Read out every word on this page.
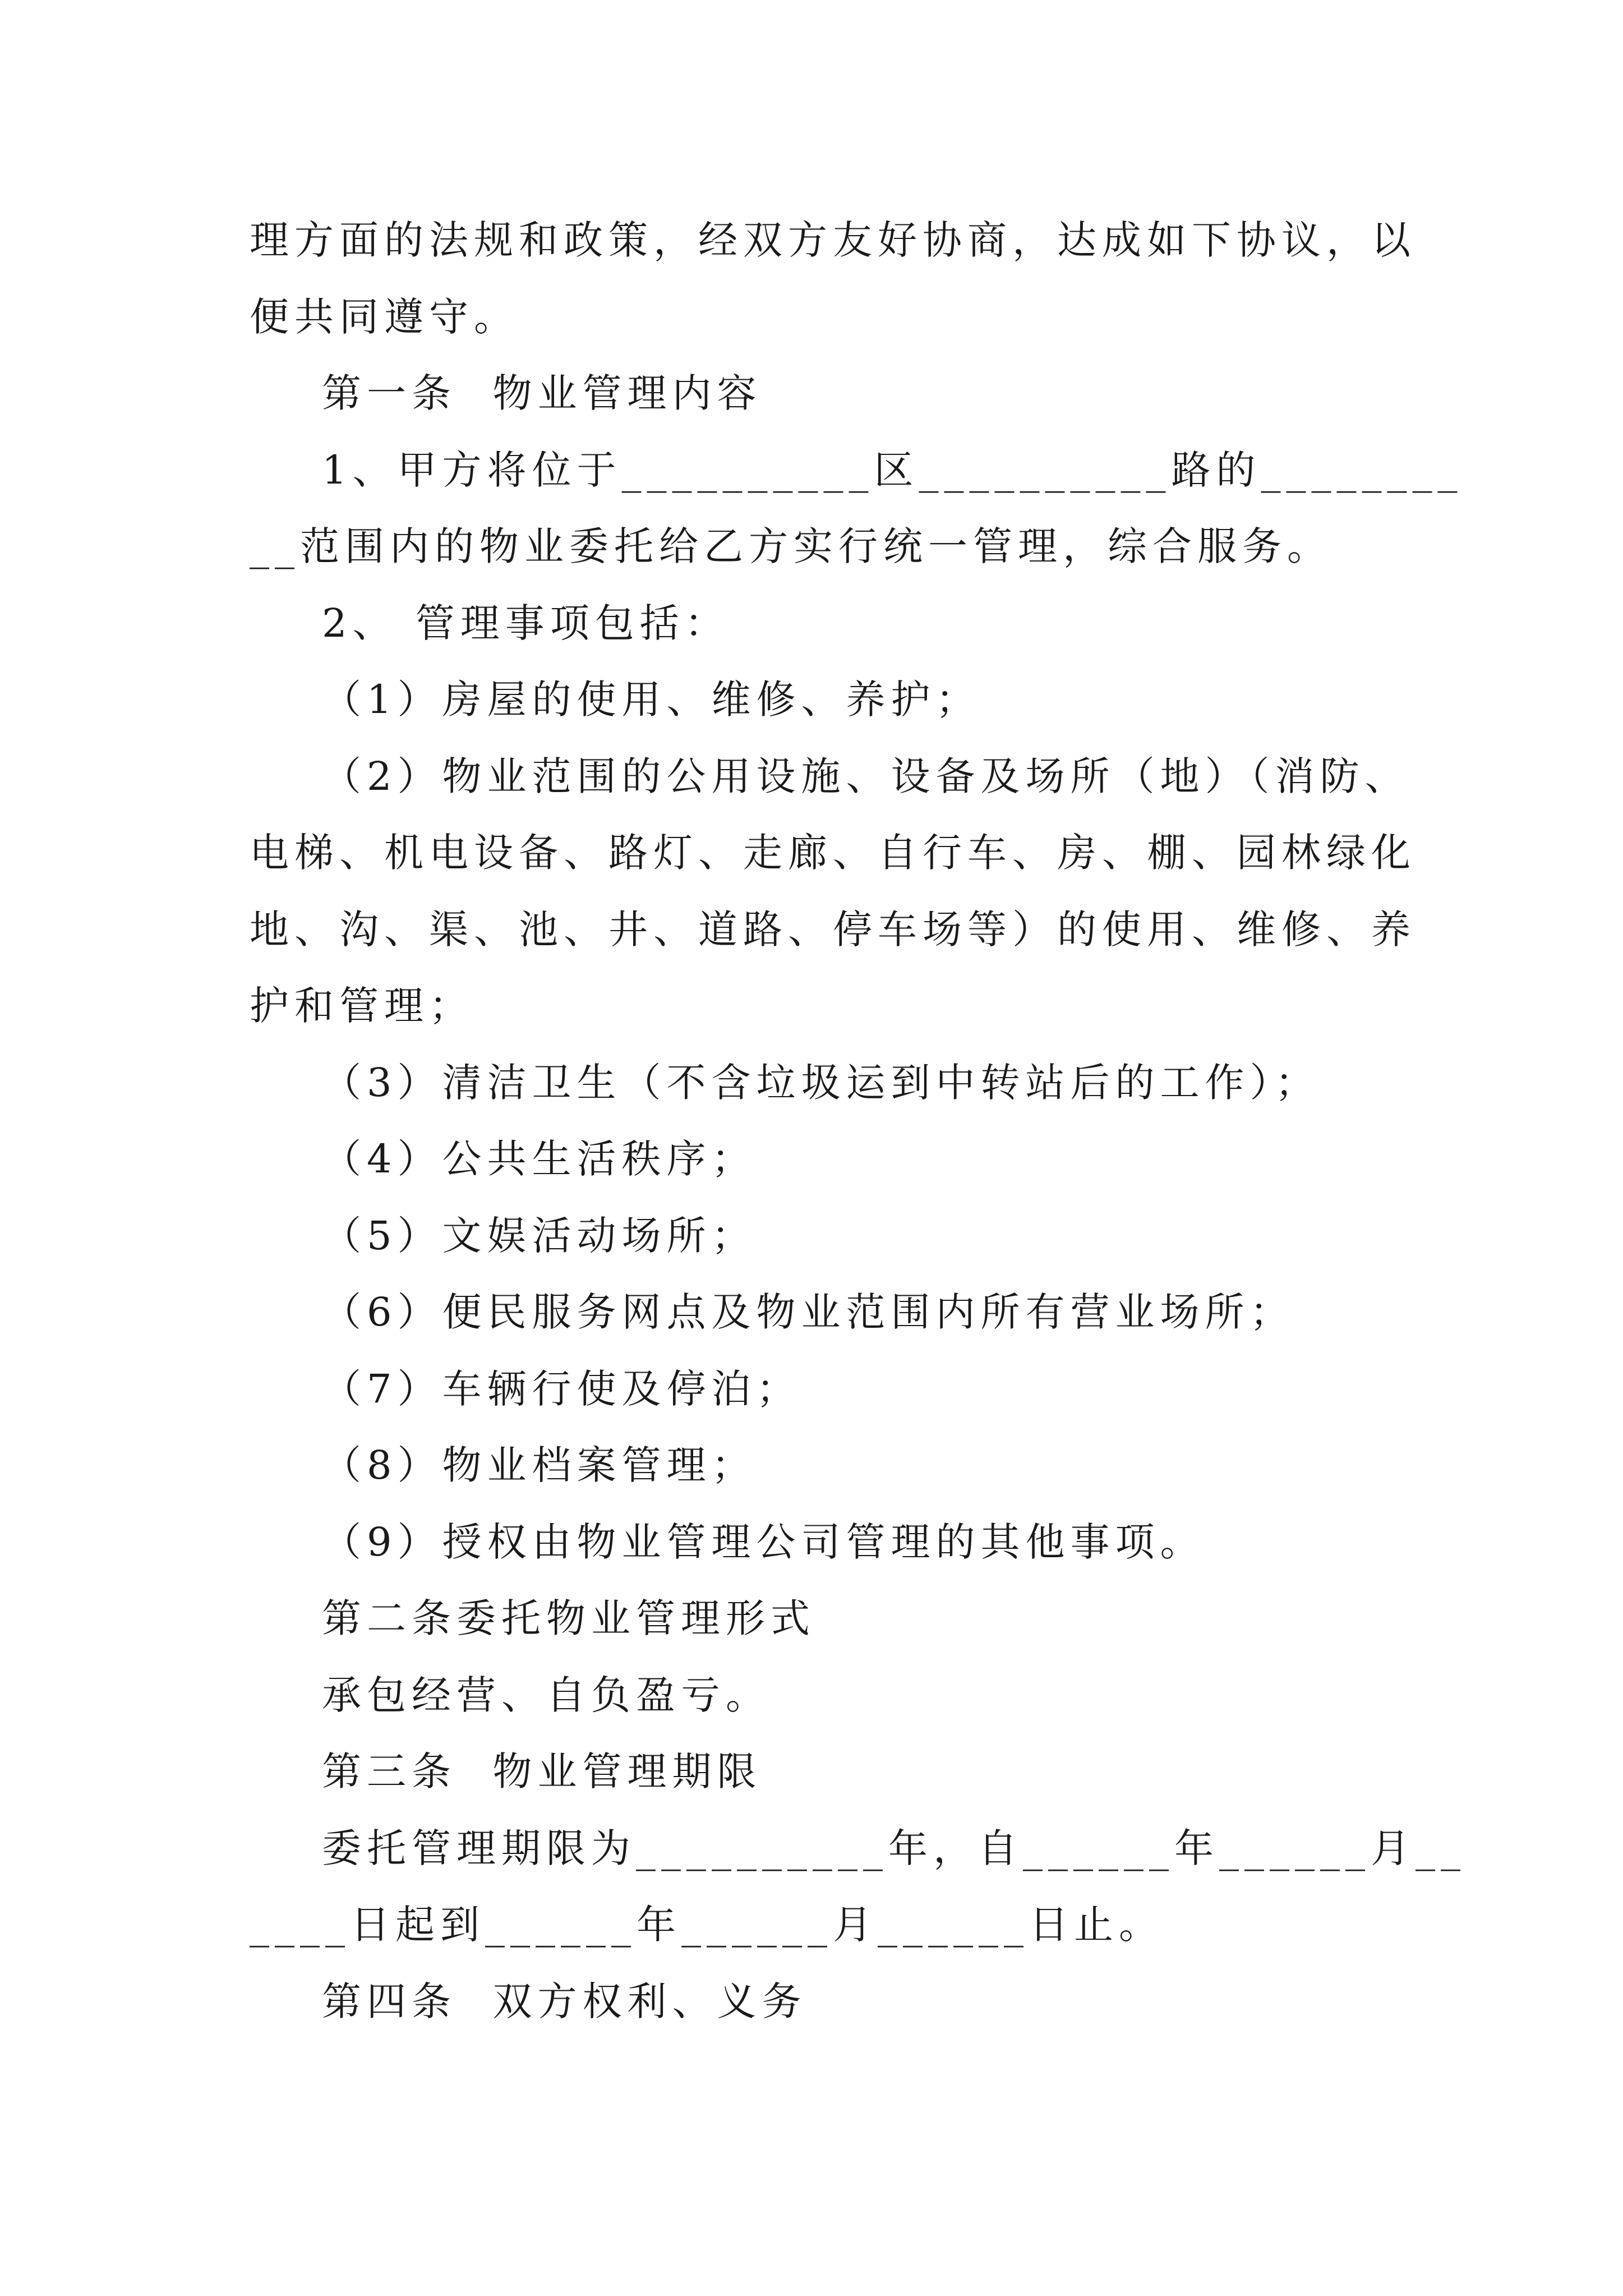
理方面的法规和政策，经双方友好协商，达成如下协议，以
便共同遵守。
第一条  物业管理内容
1、甲方将位于__________区__________路的________
__范围内的物业委托给乙方实行统一管理，综合服务。
2、 管理事项包括：
（1）房屋的使用、维修、养护；
（2）物业范围的公用设施、设备及场所（地）（消防、
电梯、机电设备、路灯、走廊、自行车、房、棚、园林绿化
地、沟、渠、池、井、道路、停车场等）的使用、维修、养
护和管理；
（3）清洁卫生（不含垃圾运到中转站后的工作）；
（4）公共生活秩序；
（5）文娱活动场所；
（6）便民服务网点及物业范围内所有营业场所；
（7）车辆行使及停泊；
（8）物业档案管理；
（9）授权由物业管理公司管理的其他事项。
第二条委托物业管理形式
承包经营、自负盈亏。
第三条  物业管理期限
委托管理期限为__________年，自______年______月__
____日起到______年______月______日止。
第四条  双方权利、义务
